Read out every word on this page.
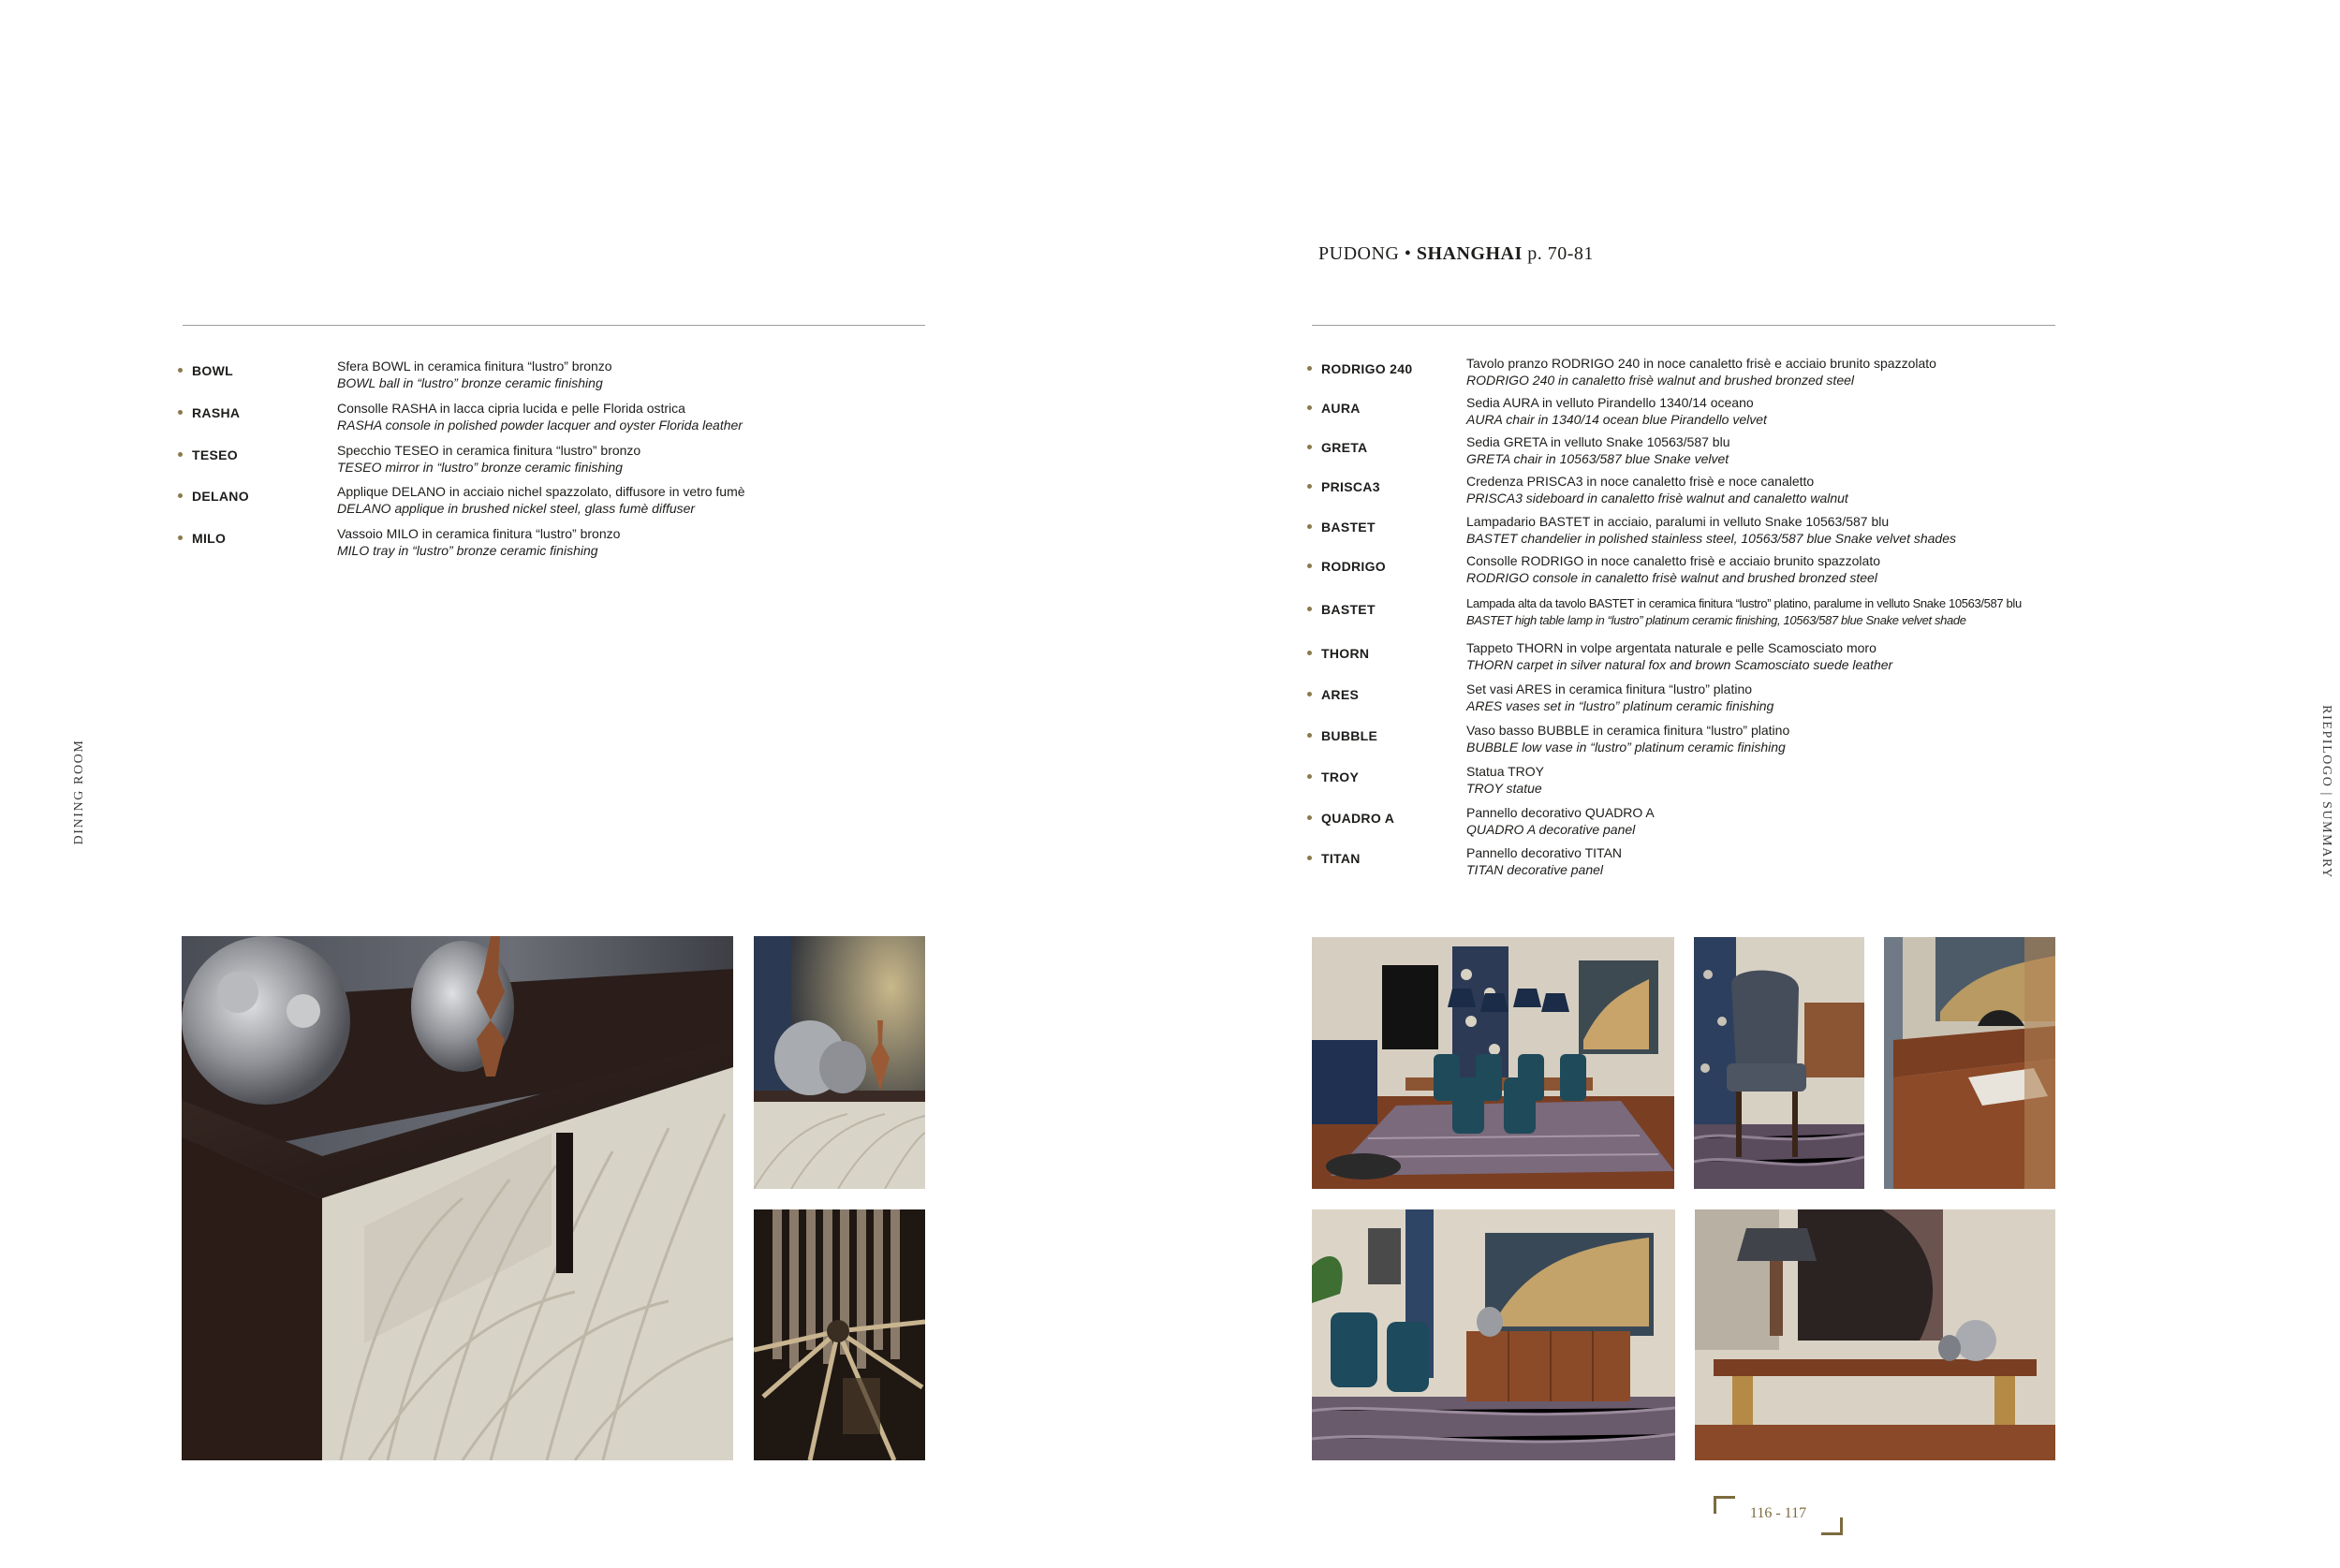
DINING ROOM	RIEPILOGO | SUMMARY
PUDONG • SHANGHAI p. 70-81
BOWL	Sfera BOWL in ceramica finitura “lustro” bronzo
BOWL ball in “lustro” bronze ceramic finishing
RASHA	Consolle RASHA in lacca cipria lucida e pelle Florida ostrica
RASHA console in polished powder lacquer and oyster Florida leather
TESEO	Specchio TESEO in ceramica finitura “lustro” bronzo
TESEO mirror in “lustro” bronze ceramic finishing
DELANO	Applique DELANO in acciaio nichel spazzolato, diffusore in vetro fumè
DELANO applique in brushed nickel steel, glass fumè diffuser
MILO	Vassoio MILO in ceramica finitura “lustro” bronzo
MILO tray in “lustro” bronze ceramic finishing
RODRIGO 240	Tavolo pranzo RODRIGO 240 in noce canaletto frisè e acciaio brunito spazzolato
RODRIGO 240 in canaletto frisè walnut and brushed bronzed steel
AURA	Sedia AURA in velluto Pirandello 1340/14 oceano
AURA chair in 1340/14 ocean blue Pirandello velvet
GRETA	Sedia GRETA in velluto Snake 10563/587 blu
GRETA chair in 10563/587 blue Snake velvet
PRISCA3	Credenza PRISCA3 in noce canaletto frisè e noce canaletto
PRISCA3 sideboard in canaletto frisè walnut and canaletto walnut
BASTET	Lampadario BASTET in acciaio, paralumi in velluto Snake 10563/587 blu
BASTET chandelier in polished stainless steel, 10563/587 blue Snake velvet shades
RODRIGO	Consolle RODRIGO in noce canaletto frisè e acciaio brunito spazzolato
RODRIGO console in canaletto frisè walnut and brushed bronzed steel
BASTET	Lampada alta da tavolo BASTET in ceramica finitura “lustro” platino, paralume in velluto Snake 10563/587 blu
BASTET high table lamp in “lustro” platinum ceramic finishing, 10563/587 blue Snake velvet shade
THORN	Tappeto THORN in volpe argentata naturale e pelle Scamosciato moro
THORN carpet in silver natural fox and brown Scamosciato suede leather
ARES	Set vasi ARES in ceramica finitura “lustro” platino
ARES vases set in “lustro” platinum ceramic finishing
BUBBLE	Vaso basso BUBBLE in ceramica finitura “lustro” platino
BUBBLE low vase in “lustro” platinum ceramic finishing
TROY	Statua TROY
TROY statue
QUADRO A	Pannello decorativo QUADRO A
QUADRO A decorative panel
TITAN	Pannello decorativo TITAN
TITAN decorative panel
116 - 117
